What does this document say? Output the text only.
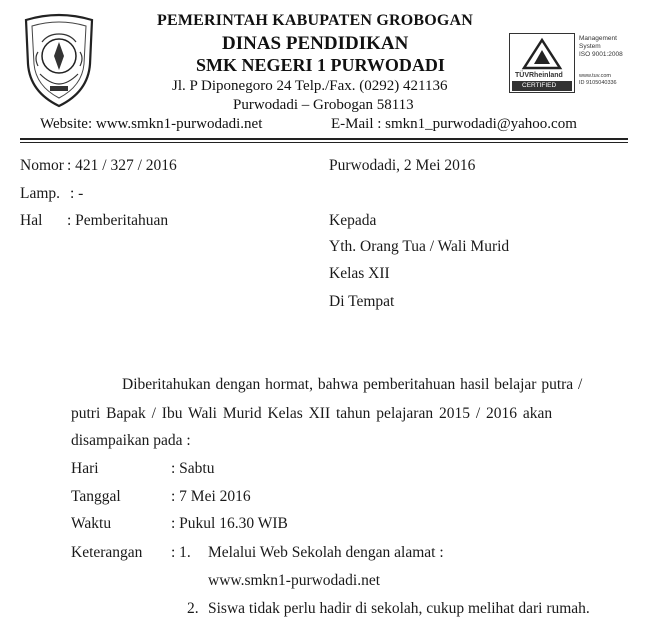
PEMERINTAH KABUPATEN GROBOGAN
DINAS PENDIDIKAN
SMK NEGERI 1 PURWODADI
Jl. P Diponegoro 24 Telp./Fax. (0292) 421136
Purwodadi – Grobogan 58113
Website: www.smkn1-purwodadi.net	E-Mail : smkn1_purwodadi@yahoo.com
TÜVRheinland
CERTIFIED
Management
System
ISO 9001:2008
www.tuv.com
ID 9105040336
Nomor : 421 / 327 / 2016	Purwodadi, 2 Mei 2016
Lamp. : -
Hal : Pemberitahuan	Kepada
Yth. Orang Tua / Wali Murid
Kelas XII
Di Tempat
Diberitahukan dengan hormat, bahwa pemberitahuan hasil belajar putra /
putri Bapak / Ibu Wali Murid Kelas XII tahun pelajaran 2015 / 2016 akan
disampaikan pada :
Hari	: Sabtu
Tanggal	: 7 Mei 2016
Waktu	: Pukul 16.30 WIB
Keterangan : 1. Melalui Web Sekolah dengan alamat :
www.smkn1-purwodadi.net
2. Siswa tidak perlu hadir di sekolah, cukup melihat dari rumah.
